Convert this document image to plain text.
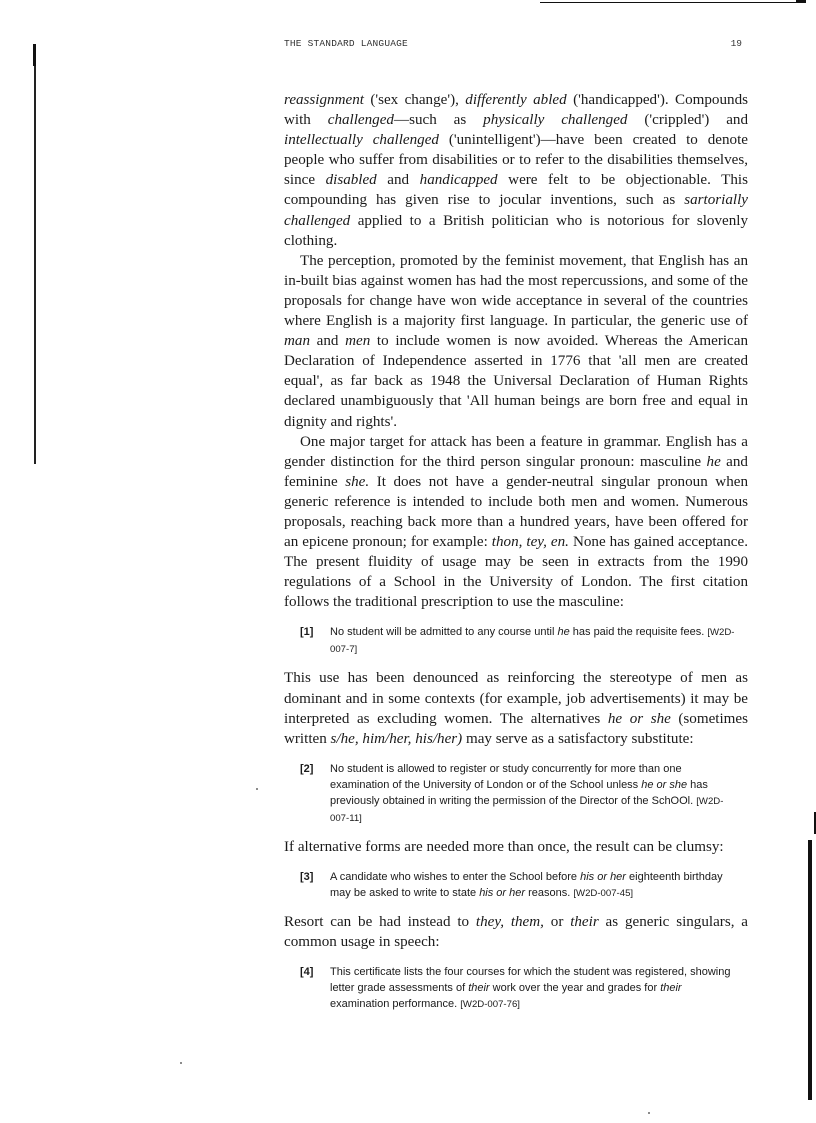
THE STANDARD LANGUAGE	19

reassignment ('sex change'), differently abled ('handicapped'). Compounds with challenged—such as physically challenged ('crippled') and intellectually challenged ('unintelligent')—have been created to denote people who suffer from disabilities or to refer to the disabilities themselves, since disabled and handicapped were felt to be objectionable. This compounding has given rise to jocular inventions, such as sartorially challenged applied to a British politician who is notorious for slovenly clothing.

The perception, promoted by the feminist movement, that English has an in-built bias against women has had the most repercussions, and some of the proposals for change have won wide acceptance in several of the countries where English is a majority first language. In particular, the generic use of man and men to include women is now avoided. Whereas the American Declaration of Independence asserted in 1776 that 'all men are created equal', as far back as 1948 the Universal Declaration of Human Rights declared unambiguously that 'All human beings are born free and equal in dignity and rights'.

One major target for attack has been a feature in grammar. English has a gender distinction for the third person singular pronoun: masculine he and feminine she. It does not have a gender-neutral singular pronoun when generic reference is intended to include both men and women. Numerous proposals, reaching back more than a hundred years, have been offered for an epicene pronoun; for example: thon, tey, en. None has gained acceptance. The present fluidity of usage may be seen in extracts from the 1990 regulations of a School in the University of London. The first citation follows the traditional prescription to use the masculine:

[1]	No student will be admitted to any course until he has paid the requisite fees. [W2D-007-7]

This use has been denounced as reinforcing the stereotype of men as dominant and in some contexts (for example, job advertisements) it may be interpreted as excluding women. The alternatives he or she (sometimes written s/he, him/her, his/her) may serve as a satisfactory substitute:

[2]	No student is allowed to register or study concurrently for more than one examination of the University of London or of the School unless he or she has previously obtained in writing the permission of the Director of the SchOOl. [W2D-007-11]

If alternative forms are needed more than once, the result can be clumsy:

[3]	A candidate who wishes to enter the School before his or her eighteenth birthday may be asked to write to state his or her reasons. [W2D-007-45]

Resort can be had instead to they, them, or their as generic singulars, a common usage in speech:

[4]	This certificate lists the four courses for which the student was registered, showing letter grade assessments of their work over the year and grades for their examination performance. [W2D-007-76]
